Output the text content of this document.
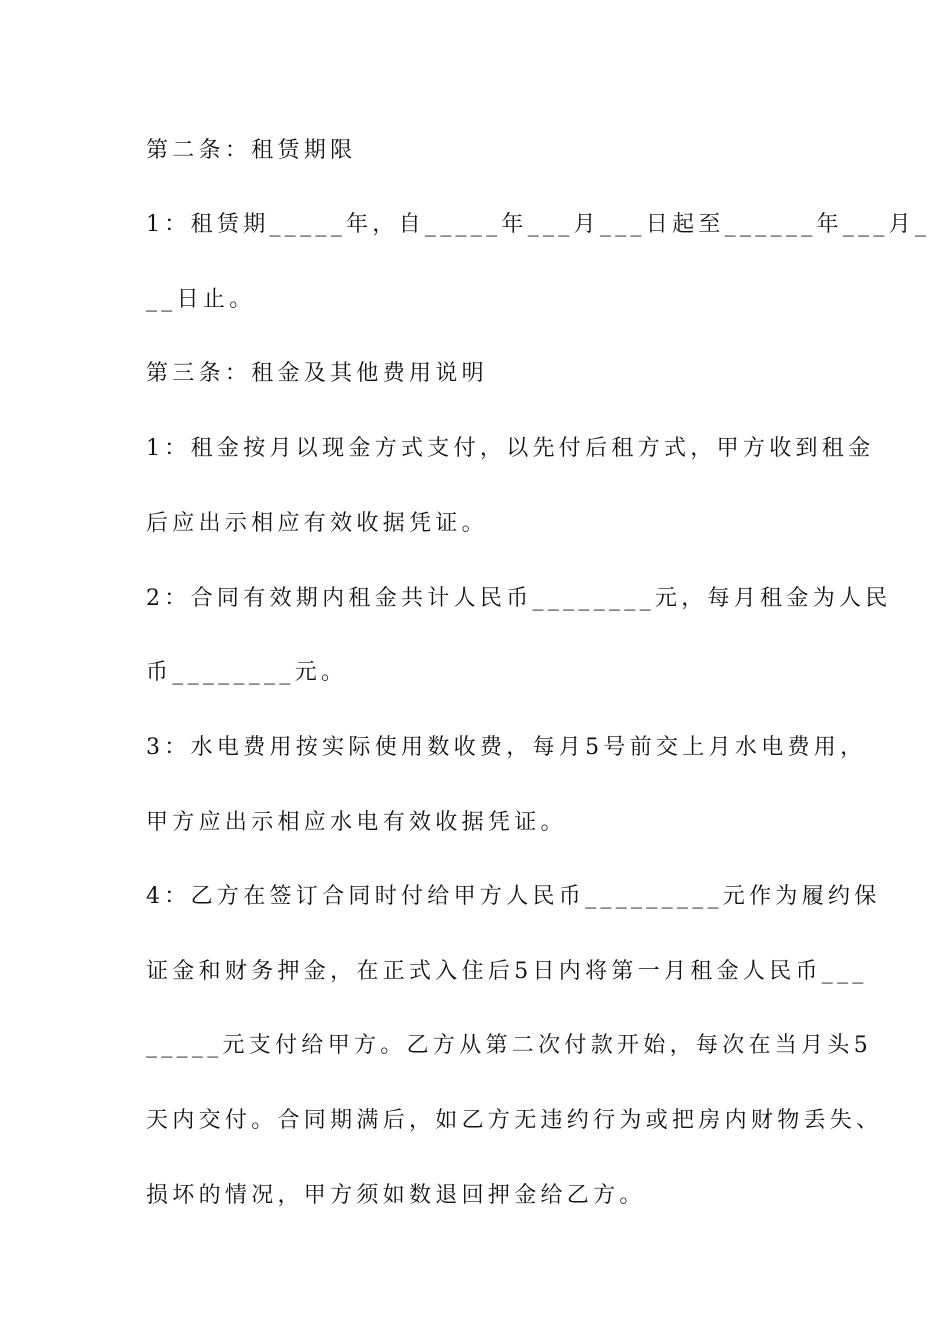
第二条：租赁期限
1：租赁期_____年，自_____年___月___日起至______年___月_
__日止。
第三条：租金及其他费用说明
1：租金按月以现金方式支付，以先付后租方式，甲方收到租金
后应出示相应有效收据凭证。
2：合同有效期内租金共计人民币________元，每月租金为人民
币________元。
3：水电费用按实际使用数收费，每月5号前交上月水电费用，
甲方应出示相应水电有效收据凭证。
4：乙方在签订合同时付给甲方人民币_________元作为履约保
证金和财务押金，在正式入住后5日内将第一月租金人民币___
_____元支付给甲方。乙方从第二次付款开始，每次在当月头5
天内交付。合同期满后，如乙方无违约行为或把房内财物丢失、
损坏的情况，甲方须如数退回押金给乙方。
